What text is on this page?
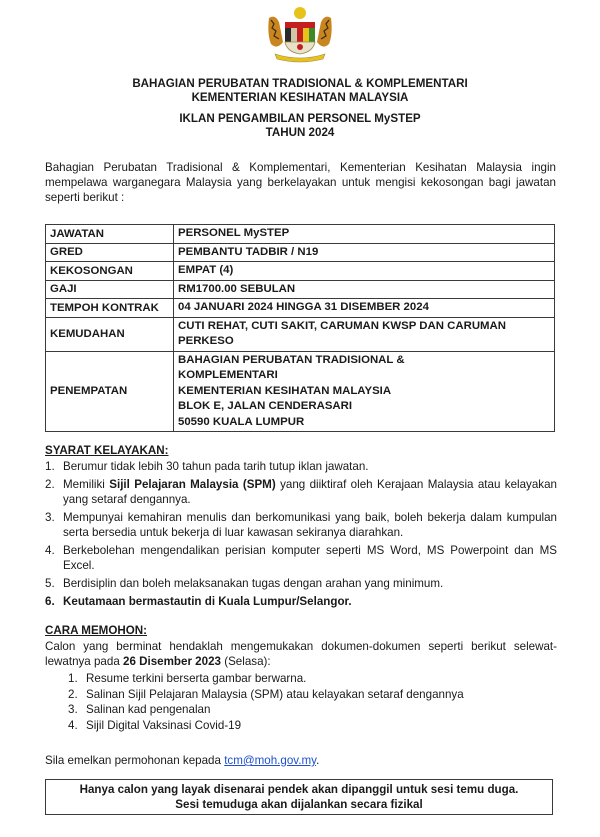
BAHAGIAN PERUBATAN TRADISIONAL & KOMPLEMENTARI
KEMENTERIAN KESIHATAN MALAYSIA
IKLAN PENGAMBILAN PERSONEL MySTEP
TAHUN 2024
Bahagian Perubatan Tradisional & Komplementari, Kementerian Kesihatan Malaysia ingin mempelawa warganegara Malaysia yang berkelayakan untuk mengisi kekosongan bagi jawatan seperti berikut :
JAWATAN	PERSONEL MySTEP

GRED	PEMBANTU TADBIR / N19

KEKOSONGAN	EMPAT (4)

GAJI	RM1700.00 SEBULAN

TEMPOH KONTRAK	04 JANUARI 2024 HINGGA 31 DISEMBER 2024

KEMUDAHAN	CUTI REHAT, CUTI SAKIT, CARUMAN KWSP DAN CARUMAN
PERKESO

PENEMPATAN	BAHAGIAN PERUBATAN TRADISIONAL &
KOMPLEMENTARI
KEMENTERIAN KESIHATAN MALAYSIA
BLOK E, JALAN CENDERASARI
50590 KUALA LUMPUR
SYARAT KELAYAKAN:
1. Berumur tidak lebih 30 tahun pada tarih tutup iklan jawatan.
2. Memiliki Sijil Pelajaran Malaysia (SPM) yang diiktiraf oleh Kerajaan Malaysia atau kelayakan yang setaraf dengannya.
3. Mempunyai kemahiran menulis dan berkomunikasi yang baik, boleh bekerja dalam kumpulan serta bersedia untuk bekerja di luar kawasan sekiranya diarahkan.
4. Berkebolehan mengendalikan perisian komputer seperti MS Word, MS Powerpoint dan MS Excel.
5. Berdisiplin dan boleh melaksanakan tugas dengan arahan yang minimum.
6. Keutamaan bermastautin di Kuala Lumpur/Selangor.
CARA MEMOHON:
Calon yang berminat hendaklah mengemukakan dokumen-dokumen seperti berikut selewat-lewatnya pada 26 Disember 2023 (Selasa):
1. Resume terkini berserta gambar berwarna.
2. Salinan Sijil Pelajaran Malaysia (SPM) atau kelayakan setaraf dengannya
3. Salinan kad pengenalan
4. Sijil Digital Vaksinasi Covid-19
Sila emelkan permohonan kepada tcm@moh.gov.my.
Hanya calon yang layak disenarai pendek akan dipanggil untuk sesi temu duga.
Sesi temuduga akan dijalankan secara fizikal
